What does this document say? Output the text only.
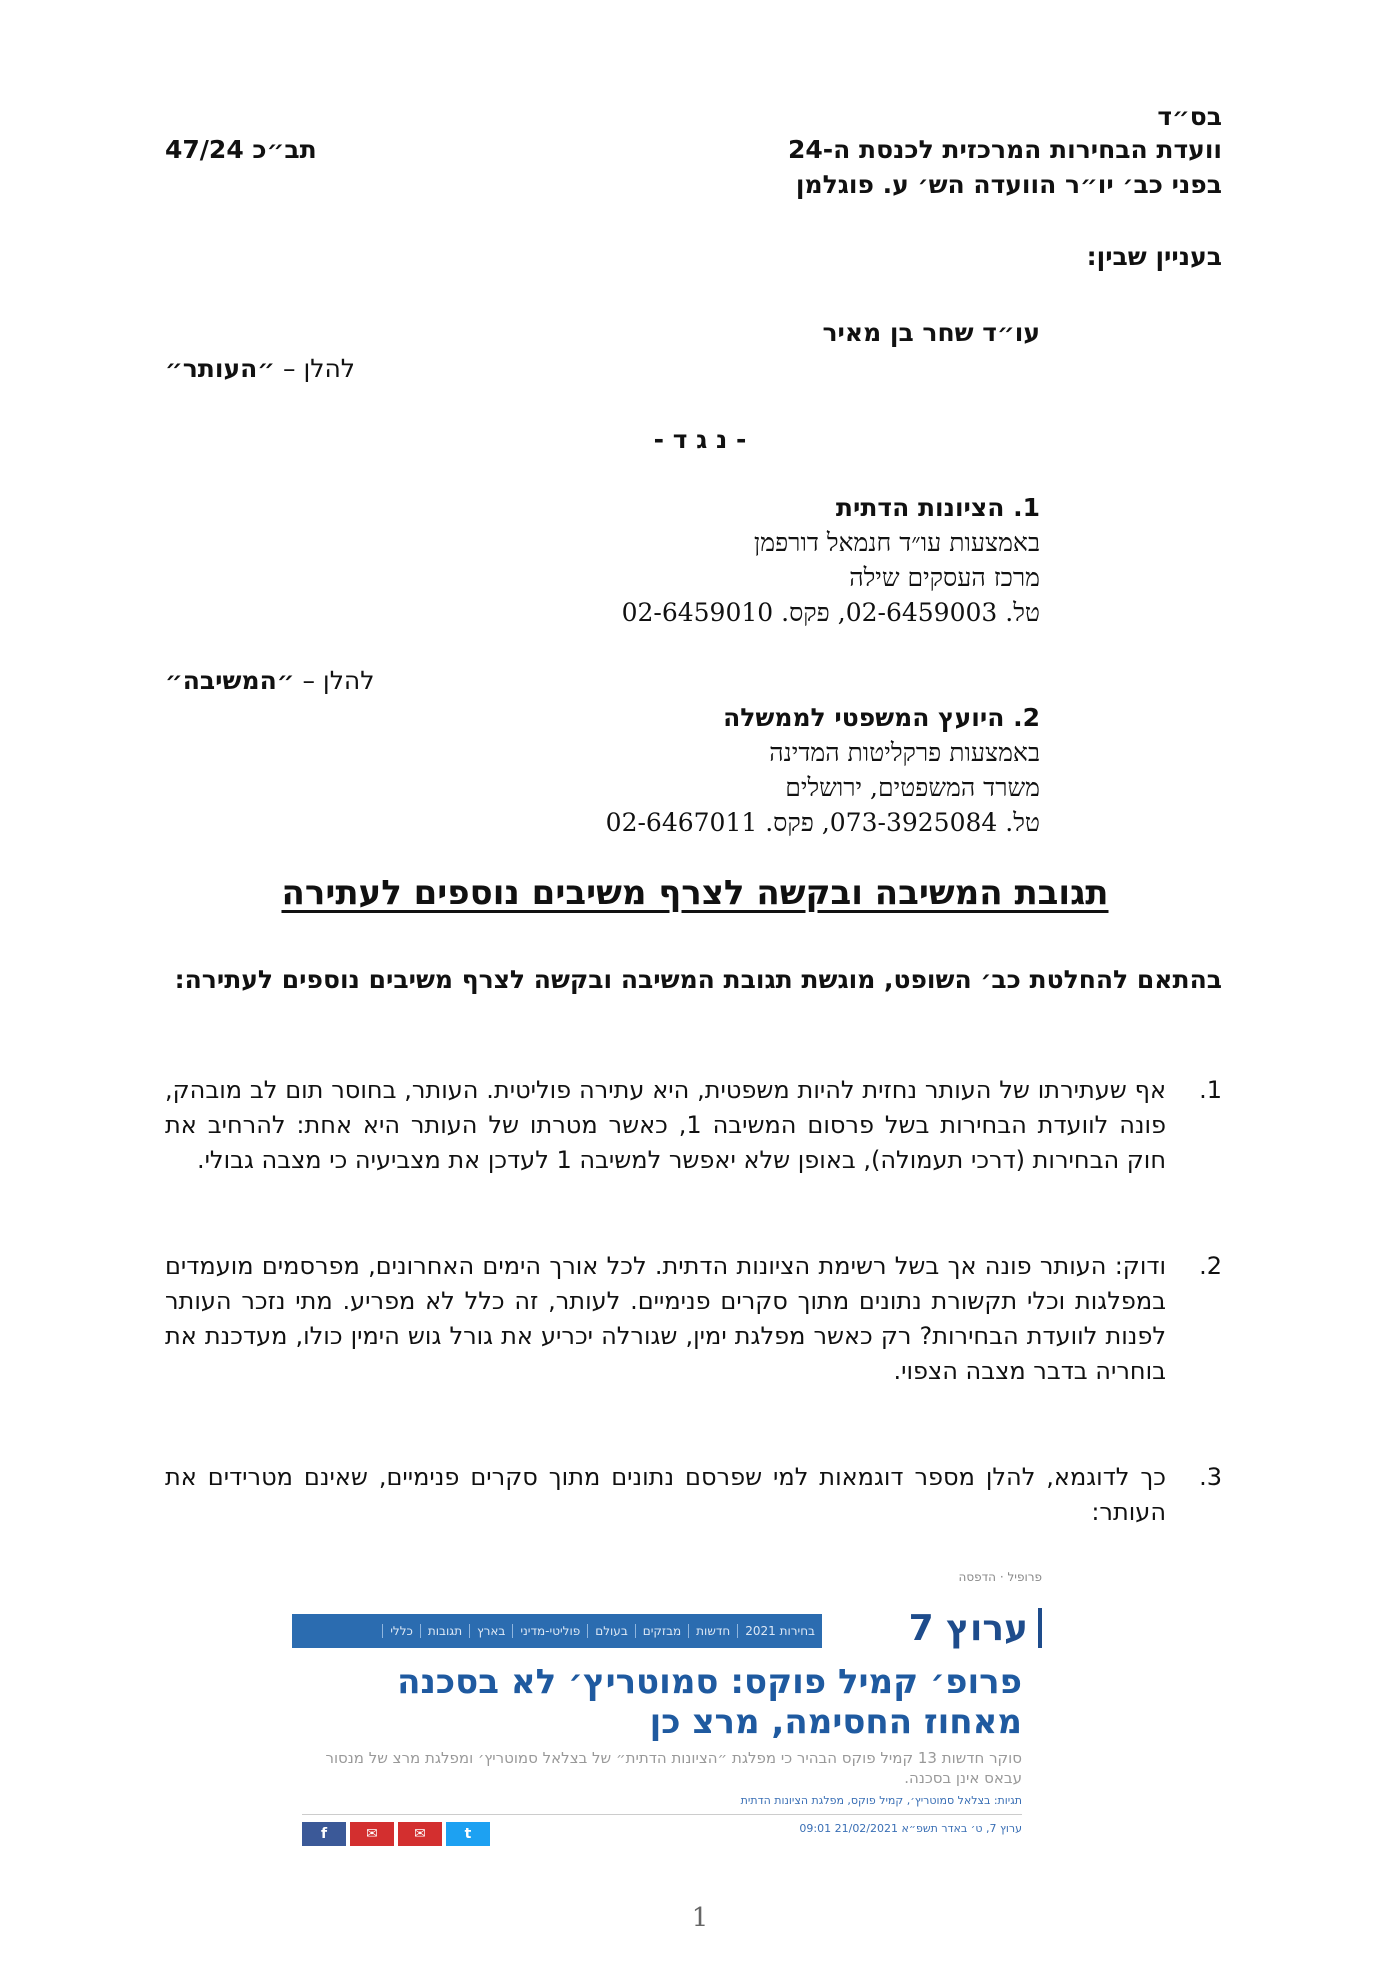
בס״ד
וועדת הבחירות המרכזית לכנסת ה-24
בפני כב׳ יו״ר הוועדה הש׳ ע. פוגלמן
תב״כ 47/24
בעניין שבין:
עו״ד שחר בן מאיר
להלן – ״העותר״
- נ ג ד -
1. הציונות הדתית
באמצעות עו״ד חנמאל דורפמן
מרכז העסקים שילה
טל. 02-6459003, פקס. 02-6459010
להלן – ״המשיבה״
2. היועץ המשפטי לממשלה
באמצעות פרקליטות המדינה
משרד המשפטים, ירושלים
טל. 073-3925084, פקס. 02-6467011
תגובת המשיבה ובקשה לצרף משיבים נוספים לעתירה
בהתאם להחלטת כב׳ השופט, מוגשת תגובת המשיבה ובקשה לצרף משיבים נוספים לעתירה:
1.
אף שעתירתו של העותר נחזית להיות משפטית, היא עתירה פוליטית. העותר, בחוסר תום לב מובהק, פונה לוועדת הבחירות בשל פרסום המשיבה 1, כאשר מטרתו של העותר היא אחת: להרחיב את חוק הבחירות (דרכי תעמולה), באופן שלא יאפשר למשיבה 1 לעדכן את מצביעיה כי מצבה גבולי.
2.
ודוק: העותר פונה אך בשל רשימת הציונות הדתית. לכל אורך הימים האחרונים, מפרסמים מועמדים במפלגות וכלי תקשורת נתונים מתוך סקרים פנימיים. לעותר, זה כלל לא מפריע. מתי נזכר העותר לפנות לוועדת הבחירות? רק כאשר מפלגת ימין, שגורלה יכריע את גורל גוש הימין כולו, מעדכנת את בוחריה בדבר מצבה הצפוי.
3.
כך לדוגמא, להלן מספר דוגמאות למי שפרסם נתונים מתוך סקרים פנימיים, שאינם מטרידים את העותר:
פרופיל · הדפסה
ערוץ 7
בחירות 2021
חדשות
מבזקים
בעולם
פוליטי-מדיני
בארץ
תגובות
כללי
פרופ׳ קמיל פוקס: סמוטריץ׳ לא בסכנה מאחוז החסימה, מרצ כן
סוקר חדשות 13 קמיל פוקס הבהיר כי מפלגת ״הציונות הדתית״ של בצלאל סמוטריץ׳ ומפלגת מרצ של מנסור עבאס אינן בסכנה.
תגיות: בצלאל סמוטריץ׳, קמיל פוקס, מפלגת הציונות הדתית
ערוץ 7, ט׳ באדר תשפ״א 21/02/2021 09:01
f	✉	✉	t
1
